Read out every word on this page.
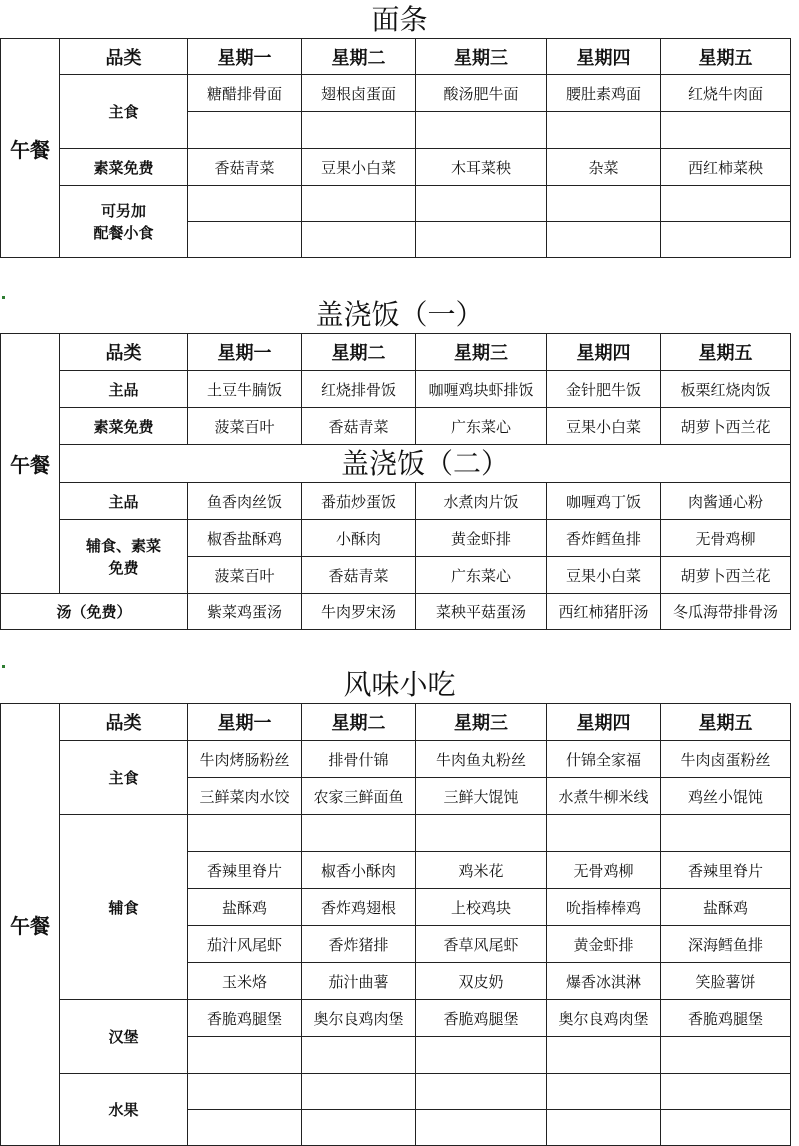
面条
午餐	品类	星期一	星期二	星期三	星期四	星期五
	主食	糖醋排骨面	翅根卤蛋面	酸汤肥牛面	腰肚素鸡面	红烧牛肉面

	素菜免费	香菇青菜	豆果小白菜	木耳菜秧	杂菜	西红柿菜秧
	可另加
配餐小食					

盖浇饭（一）
午餐	品类	星期一	星期二	星期三	星期四	星期五
	主品	土豆牛腩饭	红烧排骨饭	咖喱鸡块虾排饭	金针肥牛饭	板栗红烧肉饭
	素菜免费	菠菜百叶	香菇青菜	广东菜心	豆果小白菜	胡萝卜西兰花
	盖浇饭（二）					
	主品	鱼香肉丝饭	番茄炒蛋饭	水煮肉片饭	咖喱鸡丁饭	肉酱通心粉
	辅食、素菜
免费	椒香盐酥鸡	小酥肉	黄金虾排	香炸鳕鱼排	无骨鸡柳
		菠菜百叶	香菇青菜	广东菜心	豆果小白菜	胡萝卜西兰花
汤（免费）		紫菜鸡蛋汤	牛肉罗宋汤	菜秧平菇蛋汤	西红柿猪肝汤	冬瓜海带排骨汤
风味小吃
午餐	品类	星期一	星期二	星期三	星期四	星期五
	主食	牛肉烤肠粉丝	排骨什锦	牛肉鱼丸粉丝	什锦全家福	牛肉卤蛋粉丝
		三鲜菜肉水饺	农家三鲜面鱼	三鲜大馄饨	水煮牛柳米线	鸡丝小馄饨
	辅食					
		香辣里脊片	椒香小酥肉	鸡米花	无骨鸡柳	香辣里脊片
		盐酥鸡	香炸鸡翅根	上校鸡块	吮指棒棒鸡	盐酥鸡
		茄汁风尾虾	香炸猪排	香草风尾虾	黄金虾排	深海鳕鱼排
		玉米烙	茄汁曲薯	双皮奶	爆香冰淇淋	笑脸薯饼
	汉堡	香脆鸡腿堡	奥尔良鸡肉堡	香脆鸡腿堡	奥尔良鸡肉堡	香脆鸡腿堡

	水果					
